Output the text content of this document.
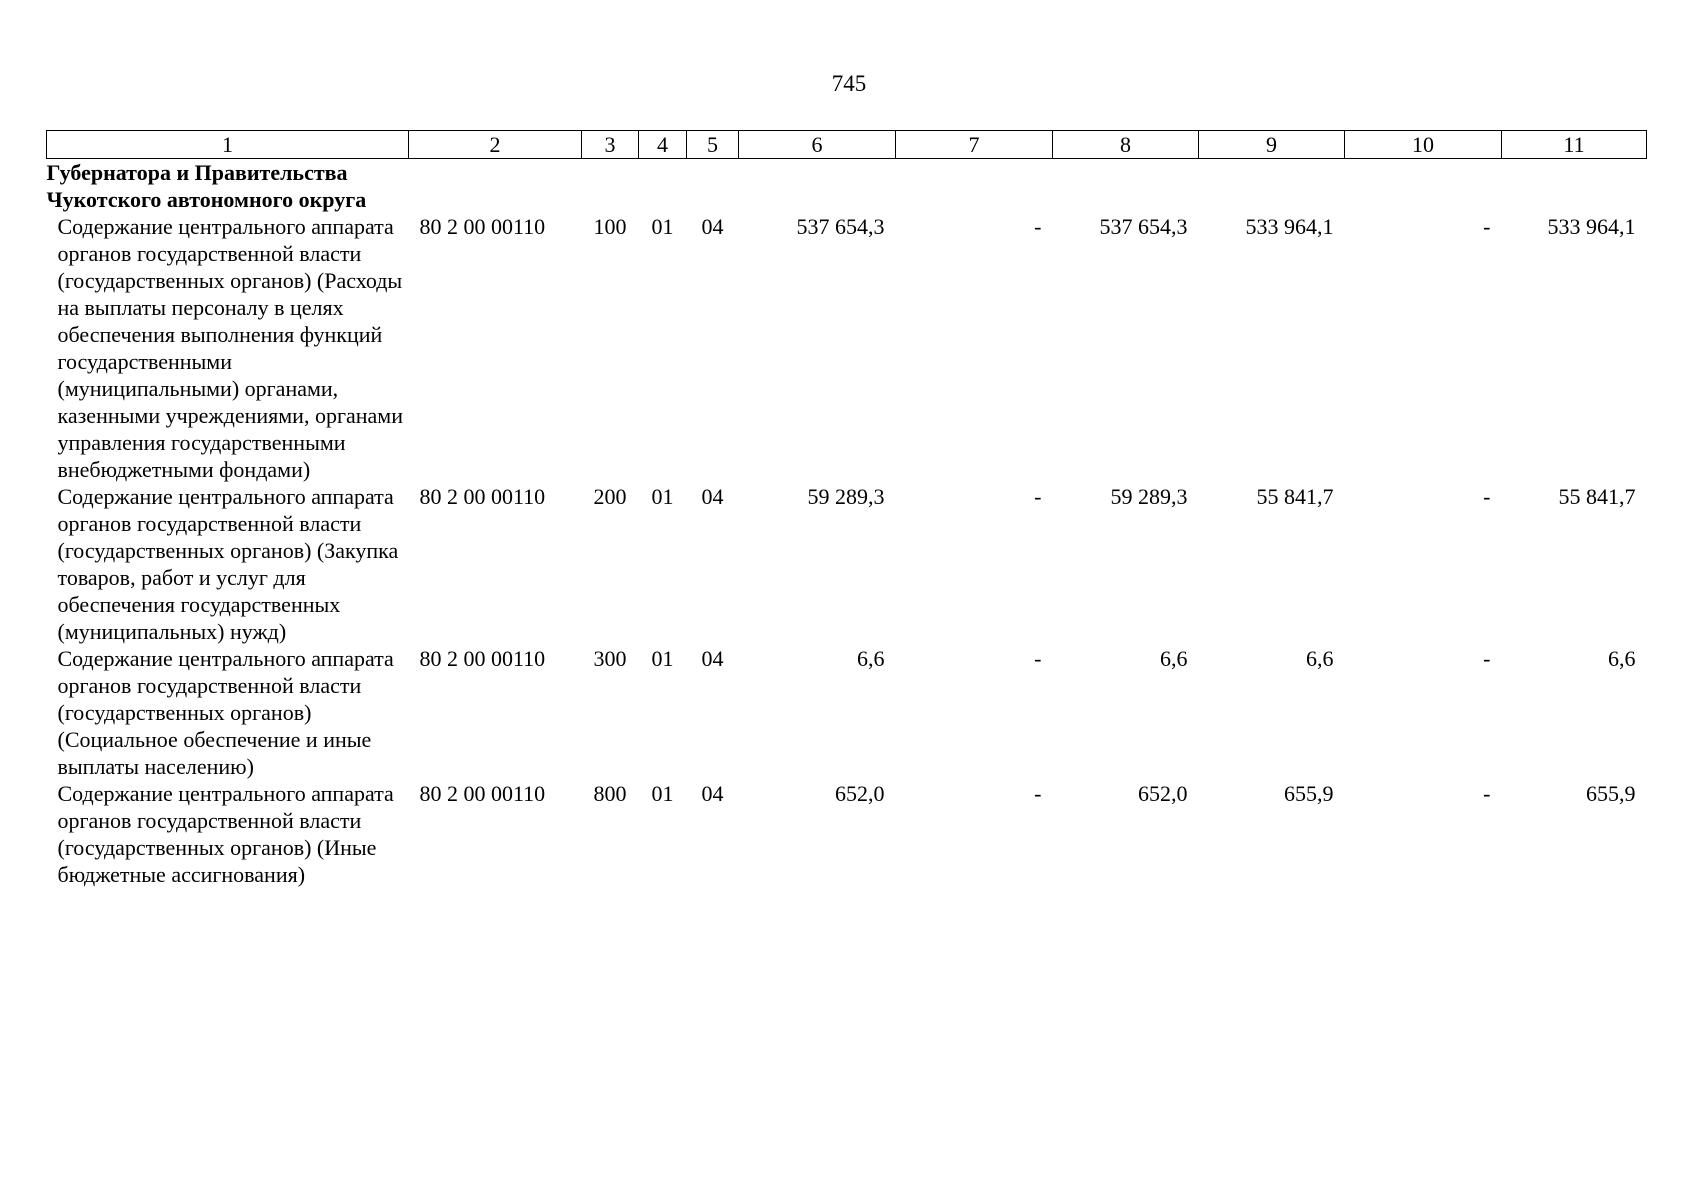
745
1	2	3	4	5	6	7	8	9	10	11
Губернатора и Правительства Чукотского автономного округа										
Содержание центрального аппарата органов государственной власти (государственных органов) (Расходы на выплаты персоналу в целях обеспечения выполнения функций государственными (муниципальными) органами, казенными учреждениями, органами управления государственными внебюджетными фондами)	80 2 00 00110	100	01	04	537 654,3	-	537 654,3	533 964,1	-	533 964,1
Содержание центрального аппарата органов государственной власти (государственных органов) (Закупка товаров, работ и услуг для обеспечения государственных (муниципальных) нужд)	80 2 00 00110	200	01	04	59 289,3	-	59 289,3	55 841,7	-	55 841,7
Содержание центрального аппарата органов государственной власти (государственных органов) (Социальное обеспечение и иные выплаты населению)	80 2 00 00110	300	01	04	6,6	-	6,6	6,6	-	6,6
Содержание центрального аппарата органов государственной власти (государственных органов) (Иные бюджетные ассигнования)	80 2 00 00110	800	01	04	652,0	-	652,0	655,9	-	655,9
